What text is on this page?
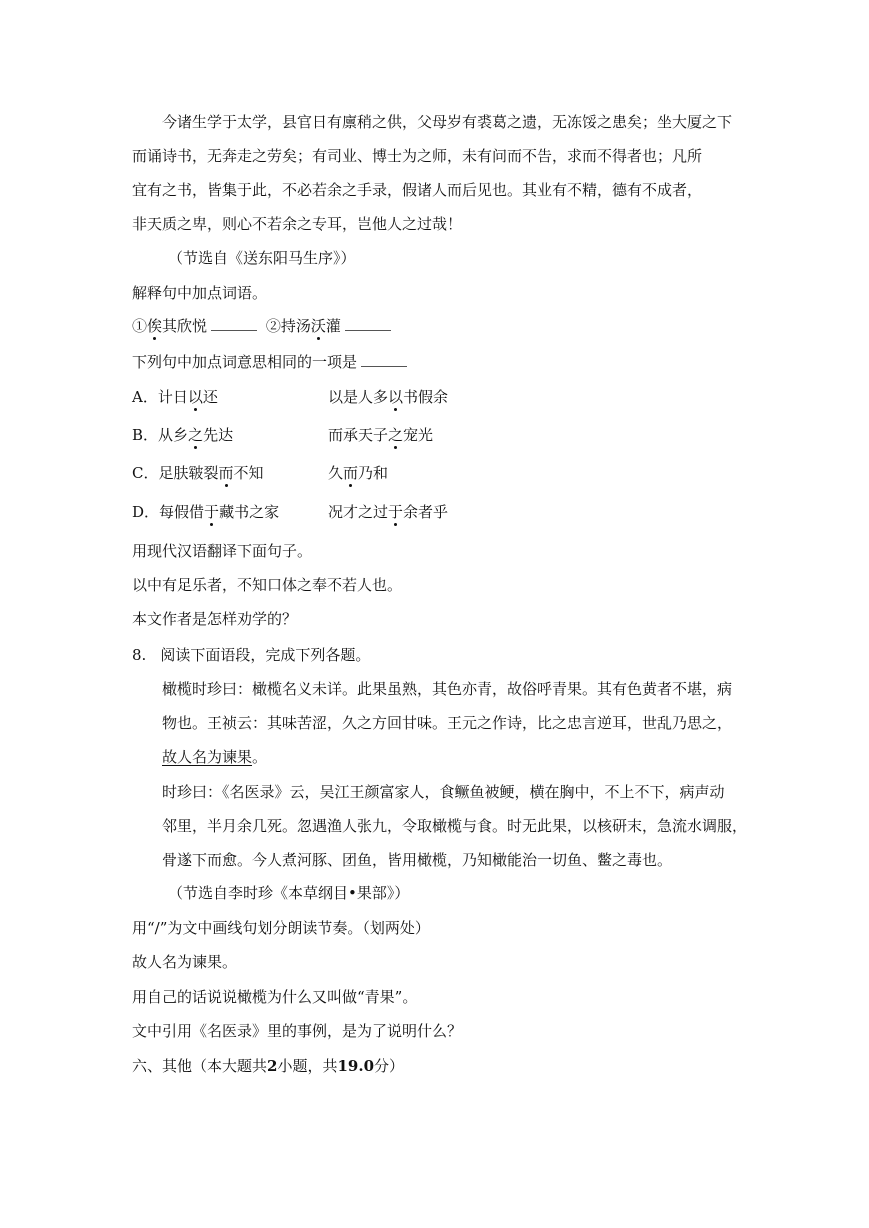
今诸生学于太学，县官日有廪稍之供，父母岁有裘葛之遗，无冻馁之患矣；坐大厦之下
而诵诗书，无奔走之劳矣；有司业、博士为之师，未有问而不告，求而不得者也；凡所
宜有之书，皆集于此，不必若余之手录，假诸人而后见也。其业有不精，德有不成者，
非天质之卑，则心不若余之专耳，岂他人之过哉！
（节选自《送东阳马生序》）
解释句中加点词语。
①俟其欣悦	②持汤沃灌
下列句中加点词意思相同的一项是
A．计日以还	以是人多以书假余
B．从乡之先达	而承天子之宠光
C．足肤皲裂而不知	久而乃和
D．每假借于藏书之家	况才之过于余者乎
用现代汉语翻译下面句子。
以中有足乐者，不知口体之奉不若人也。
本文作者是怎样劝学的？
8. 阅读下面语段，完成下列各题。
橄榄时珍曰：橄榄名义未详。此果虽熟，其色亦青，故俗呼青果。其有色黄者不堪，病
物也。王祯云：其味苦涩，久之方回甘味。王元之作诗，比之忠言逆耳，世乱乃思之，
故人名为谏果。
时珍曰：《名医录》云，吴江王颜富家人，食鳜鱼被鲠，横在胸中，不上不下，病声动
邻里，半月余几死。忽遇渔人张九，令取橄榄与食。时无此果，以核研末，急流水调服，
骨遂下而愈。今人煮河豚、团鱼，皆用橄榄，乃知橄能治一切鱼、鳖之毒也。
（节选自李时珍《本草纲目•果部》）
用“/”为文中画线句划分朗读节奏。（划两处）
故人名为谏果。
用自己的话说说橄榄为什么又叫做“青果”。
文中引用《名医录》里的事例，是为了说明什么？
六、其他（本大题共2小题，共19.0分）
